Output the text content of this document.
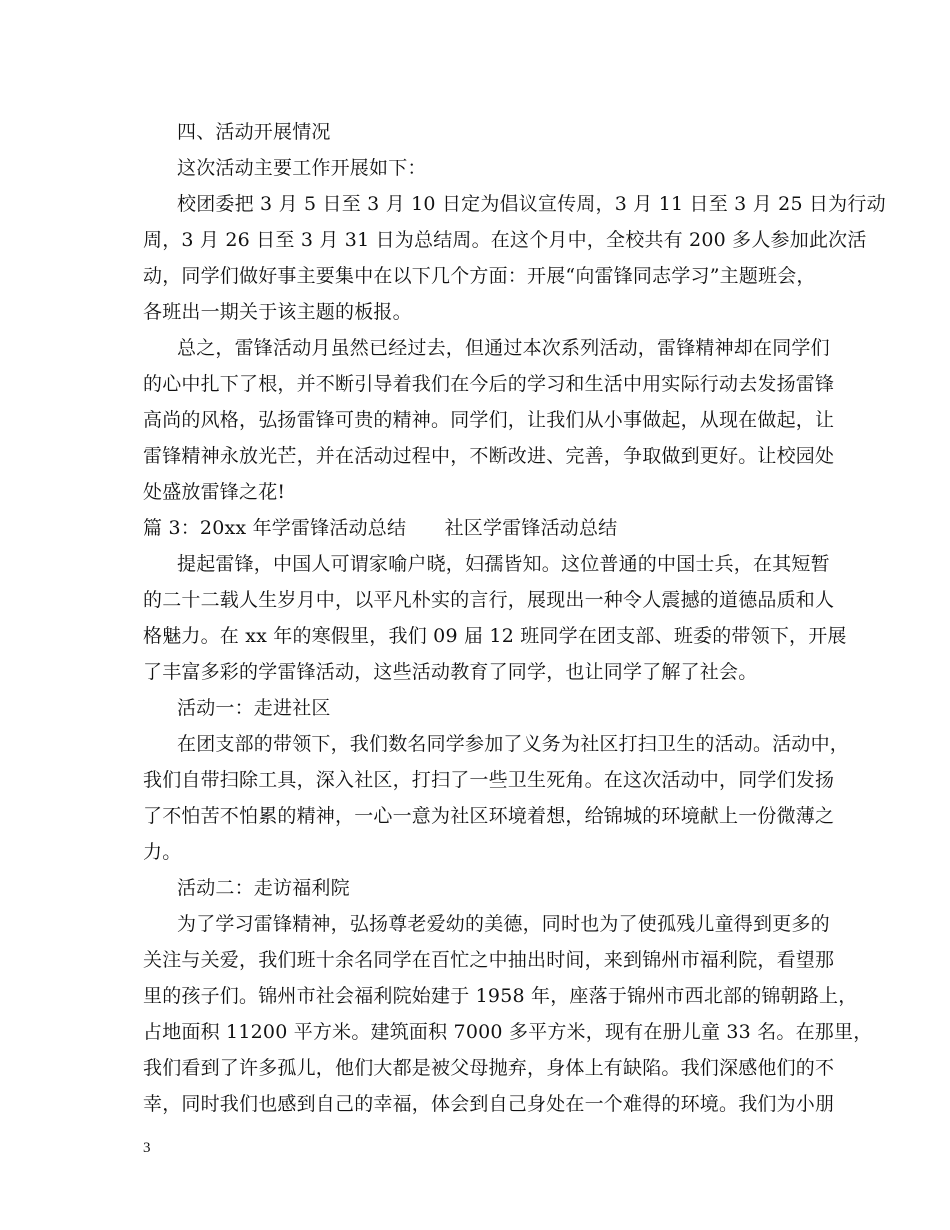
四、活动开展情况
这次活动主要工作开展如下：
校团委把 3 月 5 日至 3 月 10 日定为倡议宣传周，3 月 11 日至 3 月 25 日为行动
周，3 月 26 日至 3 月 31 日为总结周。在这个月中，全校共有 200 多人参加此次活
动，同学们做好事主要集中在以下几个方面：开展“向雷锋同志学习”主题班会，
各班出一期关于该主题的板报。
总之，雷锋活动月虽然已经过去，但通过本次系列活动，雷锋精神却在同学们
的心中扎下了根，并不断引导着我们在今后的学习和生活中用实际行动去发扬雷锋
高尚的风格，弘扬雷锋可贵的精神。同学们，让我们从小事做起，从现在做起，让
雷锋精神永放光芒，并在活动过程中，不断改进、完善，争取做到更好。让校园处
处盛放雷锋之花!
篇 3：20xx 年学雷锋活动总结　　社区学雷锋活动总结
提起雷锋，中国人可谓家喻户晓，妇孺皆知。这位普通的中国士兵，在其短暂
的二十二载人生岁月中，以平凡朴实的言行，展现出一种令人震撼的道德品质和人
格魅力。在 xx 年的寒假里，我们 09 届 12 班同学在团支部、班委的带领下，开展
了丰富多彩的学雷锋活动，这些活动教育了同学，也让同学了解了社会。
活动一：走进社区
在团支部的带领下，我们数名同学参加了义务为社区打扫卫生的活动。活动中，
我们自带扫除工具，深入社区，打扫了一些卫生死角。在这次活动中，同学们发扬
了不怕苦不怕累的精神，一心一意为社区环境着想，给锦城的环境献上一份微薄之
力。
活动二：走访福利院
为了学习雷锋精神，弘扬尊老爱幼的美德，同时也为了使孤残儿童得到更多的
关注与关爱，我们班十余名同学在百忙之中抽出时间，来到锦州市福利院，看望那
里的孩子们。锦州市社会福利院始建于 1958 年，座落于锦州市西北部的锦朝路上，
占地面积 11200 平方米。建筑面积 7000 多平方米，现有在册儿童 33 名。在那里，
我们看到了许多孤儿，他们大都是被父母抛弃，身体上有缺陷。我们深感他们的不
幸，同时我们也感到自己的幸福，体会到自己身处在一个难得的环境。我们为小朋
3
